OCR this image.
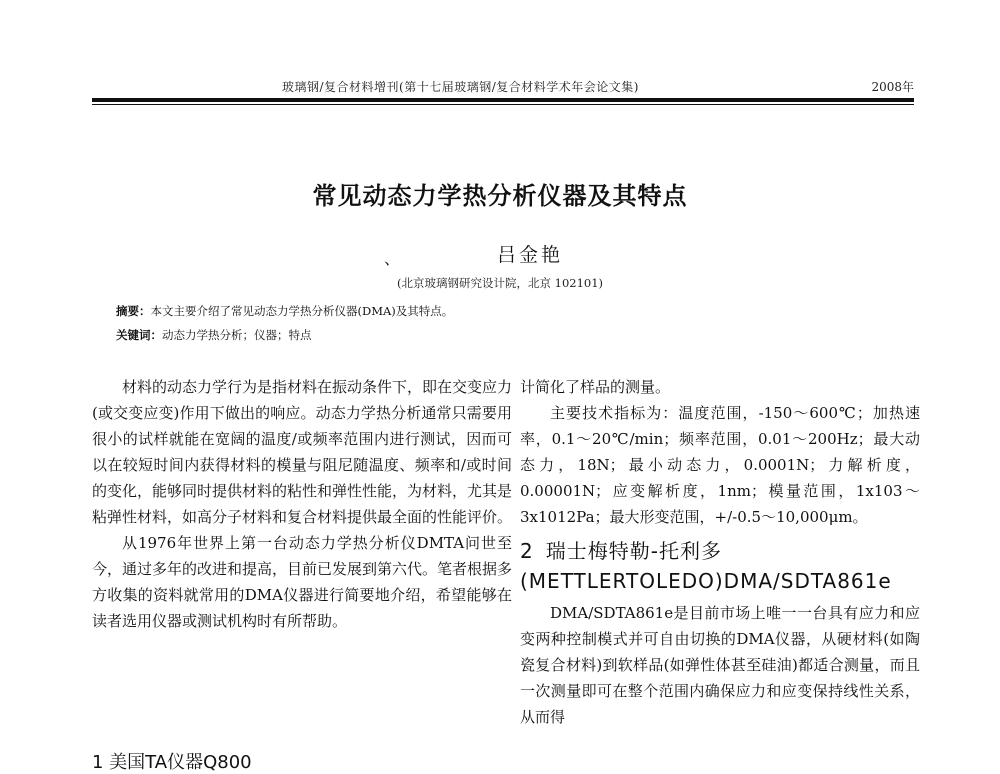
玻璃钢/复合材料增刊(第十七届玻璃钢/复合材料学术年会论文集)	2008年
常见动态力学热分析仪器及其特点
、	吕金艳
(北京玻璃钢研究设计院，北京 102101)
摘要：本文主要介绍了常见动态力学热分析仪器(DMA)及其特点。
关键词：动态力学热分析；仪器；特点

材料的动态力学行为是指材料在振动条件下，即在交变应力(或交变应变)作用下做出的响应。动态力学热分析通常只需要用很小的试样就能在宽阔的温度/或频率范围内进行测试，因而可以在较短时间内获得材料的模量与阻尼随温度、频率和/或时间的变化，能够同时提供材料的粘性和弹性性能，为材料，尤其是粘弹性材料，如高分子材料和复合材料提供最全面的性能评价。

从1976年世界上第一台动态力学热分析仪DMTA问世至今，通过多年的改进和提高，目前已发展到第六代。笔者根据多方收集的资料就常用的DMA仪器进行简要地介绍，希望能够在读者选用仪器或测试机构时有所帮助。

1 美国TA仪器Q800

计简化了样品的测量。

主要技术指标为：温度范围，-150～600℃；加热速率，0.1～20℃/min；频率范围，0.01～200Hz；最大动态力，18N；最小动态力，0.0001N；力解析度，0.00001N；应变解析度，1nm；模量范围，1x103～3x1012Pa；最大形变范围，+/-0.5～10,000μm。

2 瑞士梅特勒-托利多
(METTLERTOLEDO)DMA/SDTA861e

DMA/SDTA861e是目前市场上唯一一台具有应力和应变两种控制模式并可自由切换的DMA仪器，从硬材料(如陶瓷复合材料)到软样品(如弹性体甚至硅油)都适合测量，而且一次测量即可在整个范围内确保应力和应变保持线性关系，从而得
